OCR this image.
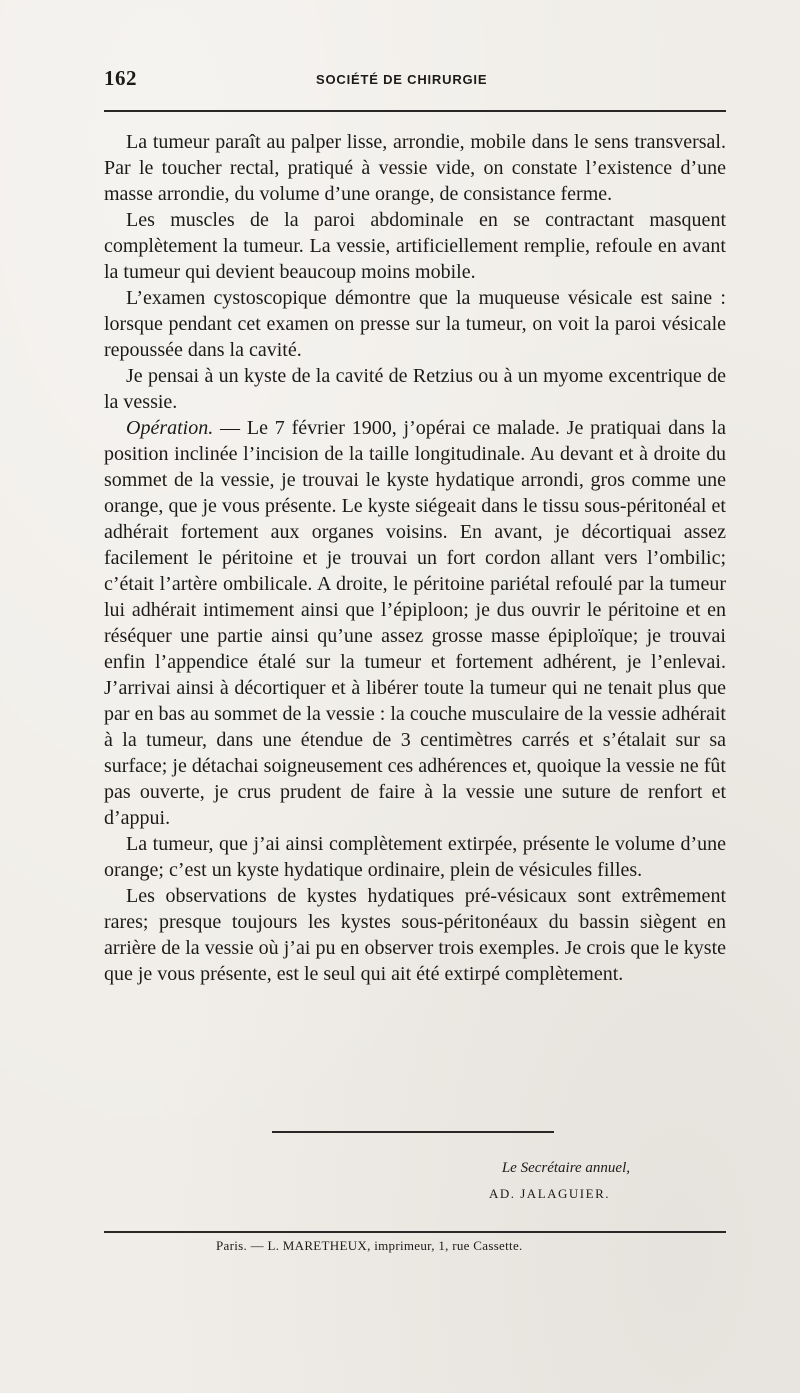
162	SOCIÉTÉ DE CHIRURGIE

La tumeur paraît au palper lisse, arrondie, mobile dans le sens transversal. Par le toucher rectal, pratiqué à vessie vide, on constate l’existence d’une masse arrondie, du volume d’une orange, de consistance ferme.

Les muscles de la paroi abdominale en se contractant masquent complètement la tumeur. La vessie, artificiellement remplie, refoule en avant la tumeur qui devient beaucoup moins mobile.

L’examen cystoscopique démontre que la muqueuse vésicale est saine : lorsque pendant cet examen on presse sur la tumeur, on voit la paroi vésicale repoussée dans la cavité.

Je pensai à un kyste de la cavité de Retzius ou à un myome excentrique de la vessie.

Opération. — Le 7 février 1900, j’opérai ce malade. Je pratiquai dans la position inclinée l’incision de la taille longitudinale. Au devant et à droite du sommet de la vessie, je trouvai le kyste hydatique arrondi, gros comme une orange, que je vous présente. Le kyste siégeait dans le tissu sous-péritonéal et adhérait fortement aux organes voisins. En avant, je décortiquai assez facilement le péritoine et je trouvai un fort cordon allant vers l’ombilic; c’était l’artère ombilicale. A droite, le péritoine pariétal refoulé par la tumeur lui adhérait intimement ainsi que l’épiploon; je dus ouvrir le péritoine et en réséquer une partie ainsi qu’une assez grosse masse épiploïque; je trouvai enfin l’appendice étalé sur la tumeur et fortement adhérent, je l’enlevai. J’arrivai ainsi à décortiquer et à libérer toute la tumeur qui ne tenait plus que par en bas au sommet de la vessie : la couche musculaire de la vessie adhérait à la tumeur, dans une étendue de 3 centimètres carrés et s’étalait sur sa surface; je détachai soigneusement ces adhérences et, quoique la vessie ne fût pas ouverte, je crus prudent de faire à la vessie une suture de renfort et d’appui.

La tumeur, que j’ai ainsi complètement extirpée, présente le volume d’une orange; c’est un kyste hydatique ordinaire, plein de vésicules filles.

Les observations de kystes hydatiques pré-vésicaux sont extrêmement rares; presque toujours les kystes sous-péritonéaux du bassin siègent en arrière de la vessie où j’ai pu en observer trois exemples. Je crois que le kyste que je vous présente, est le seul qui ait été extirpé complètement.

Le Secrétaire annuel,
AD. JALAGUIER.
Paris. — L. MARETHEUX, imprimeur, 1, rue Cassette.
